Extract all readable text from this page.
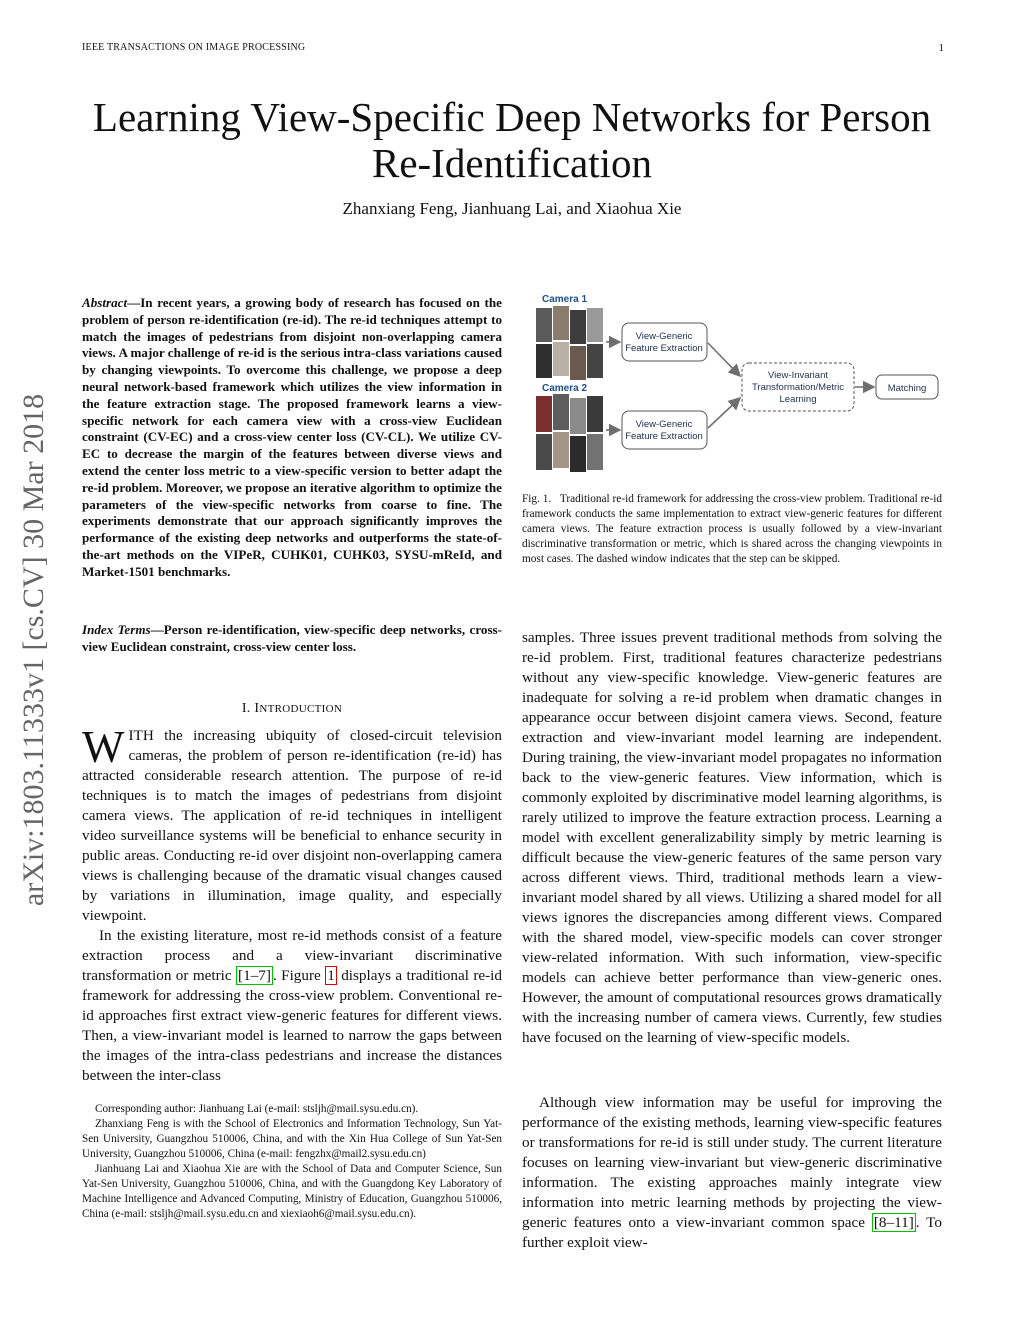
IEEE TRANSACTIONS ON IMAGE PROCESSING	1
Learning View-Specific Deep Networks for Person
Re-Identification
Zhanxiang Feng, Jianhuang Lai, and Xiaohua Xie
arXiv:1803.11333v1 [cs.CV] 30 Mar 2018
Abstract—In recent years, a growing body of research has focused on the problem of person re-identification (re-id). The re-id techniques attempt to match the images of pedestrians from disjoint non-overlapping camera views. A major challenge of re-id is the serious intra-class variations caused by changing viewpoints. To overcome this challenge, we propose a deep neural network-based framework which utilizes the view information in the feature extraction stage. The proposed framework learns a view-specific network for each camera view with a cross-view Euclidean constraint (CV-EC) and a cross-view center loss (CV-CL). We utilize CV-EC to decrease the margin of the features between diverse views and extend the center loss metric to a view-specific version to better adapt the re-id problem. Moreover, we propose an iterative algorithm to optimize the parameters of the view-specific networks from coarse to fine. The experiments demonstrate that our approach significantly improves the performance of the existing deep networks and outperforms the state-of-the-art methods on the VIPeR, CUHK01, CUHK03, SYSU-mReId, and Market-1501 benchmarks.
Index Terms—Person re-identification, view-specific deep networks, cross-view Euclidean constraint, cross-view center loss.
I. INTRODUCTION
WITH the increasing ubiquity of closed-circuit television cameras, the problem of person re-identification (re-id) has attracted considerable research attention. The purpose of re-id techniques is to match the images of pedestrians from disjoint camera views. The application of re-id techniques in intelligent video surveillance systems will be beneficial to enhance security in public areas. Conducting re-id over disjoint non-overlapping camera views is challenging because of the dramatic visual changes caused by variations in illumination, image quality, and especially viewpoint.
In the existing literature, most re-id methods consist of a feature extraction process and a view-invariant discriminative transformation or metric [1–7] . Figure 1 displays a traditional re-id framework for addressing the cross-view problem. Conventional re-id approaches first extract view-generic features for different views. Then, a view-invariant model is learned to narrow the gaps between the images of the intra-class pedestrians and increase the distances between the inter-class

Corresponding author: Jianhuang Lai (e-mail: stsljh@mail.sysu.edu.cn).

Zhanxiang Feng is with the School of Electronics and Information Technology, Sun Yat-Sen University, Guangzhou 510006, China, and with the Xin Hua College of Sun Yat-Sen University, Guangzhou 510006, China (e-mail: fengzhx@mail2.sysu.edu.cn)

Jianhuang Lai and Xiaohua Xie are with the School of Data and Computer Science, Sun Yat-Sen University, Guangzhou 510006, China, and with the Guangdong Key Laboratory of Machine Intelligence and Advanced Computing, Ministry of Education, Guangzhou 510006, China (e-mail: stsljh@mail.sysu.edu.cn and xiexiaoh6@mail.sysu.edu.cn).

Camera 1
Camera 2
View-Generic
Feature Extraction
View-Generic
Feature Extraction
View-Invariant
Transformation/Metric
Learning
Matching
Fig. 1. Traditional re-id framework for addressing the cross-view problem. Traditional re-id framework conducts the same implementation to extract view-generic features for different camera views. The feature extraction process is usually followed by a view-invariant discriminative transformation or metric, which is shared across the changing viewpoints in most cases. The dashed window indicates that the step can be skipped.
samples. Three issues prevent traditional methods from solving the re-id problem. First, traditional features characterize pedestrians without any view-specific knowledge. View-generic features are inadequate for solving a re-id problem when dramatic changes in appearance occur between disjoint camera views. Second, feature extraction and view-invariant model learning are independent. During training, the view-invariant model propagates no information back to the view-generic features. View information, which is commonly exploited by discriminative model learning algorithms, is rarely utilized to improve the feature extraction process. Learning a model with excellent generalizability simply by metric learning is difficult because the view-generic features of the same person vary across different views. Third, traditional methods learn a view-invariant model shared by all views. Utilizing a shared model for all views ignores the discrepancies among different views. Compared with the shared model, view-specific models can cover stronger view-related information. With such information, view-specific models can achieve better performance than view-generic ones. However, the amount of computational resources grows dramatically with the increasing number of camera views. Currently, few studies have focused on the learning of view-specific models.
Although view information may be useful for improving the performance of the existing methods, learning view-specific features or transformations for re-id is still under study. The current literature focuses on learning view-invariant but view-generic discriminative information. The existing approaches mainly integrate view information into metric learning methods by projecting the view-generic features onto a view-invariant common space [8–11] . To further exploit view-
